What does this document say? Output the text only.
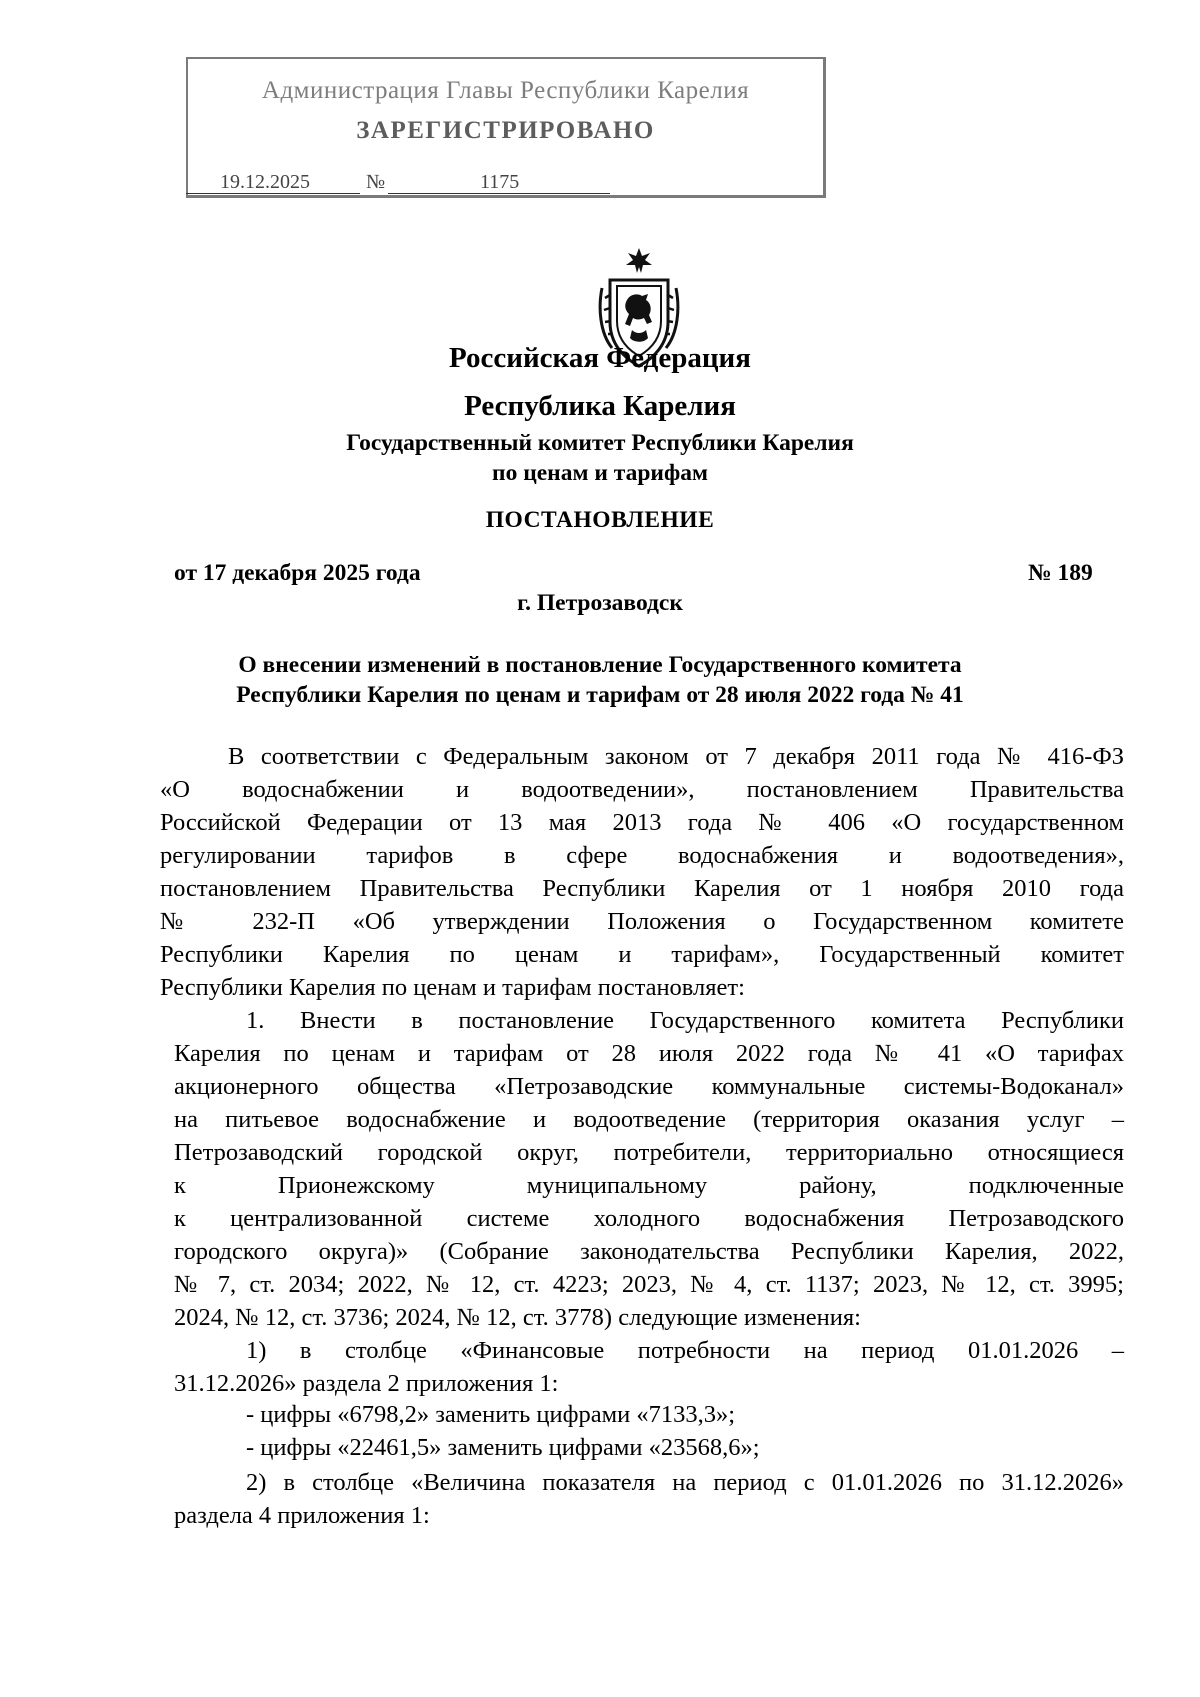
Администрация Главы Республики Карелия
ЗАРЕГИСТРИРОВАНО
19.12.2025	№	1175
Российская Федерация
Республика Карелия
Государственный комитет Республики Карелия
по ценам и тарифам
ПОСТАНОВЛЕНИЕ
от 17 декабря 2025 года	№ 189
г. Петрозаводск
О внесении изменений в постановление Государственного комитета
Республики Карелия по ценам и тарифам от 28 июля 2022 года № 41
В соответствии с Федеральным законом от 7 декабря 2011 года № 416-ФЗ
«О водоснабжении и водоотведении», постановлением Правительства
Российской Федерации от 13 мая 2013 года № 406 «О государственном
регулировании тарифов в сфере водоснабжения и водоотведения»,
постановлением Правительства Республики Карелия от 1 ноября 2010 года
№ 232-П «Об утверждении Положения о Государственном комитете
Республики Карелия по ценам и тарифам», Государственный комитет
Республики Карелия по ценам и тарифам постановляет:
1. Внести в постановление Государственного комитета Республики
Карелия по ценам и тарифам от 28 июля 2022 года № 41 «О тарифах
акционерного общества «Петрозаводские коммунальные системы-Водоканал»
на питьевое водоснабжение и водоотведение (территория оказания услуг –
Петрозаводский городской округ, потребители, территориально относящиеся
к Прионежскому муниципальному району, подключенные
к централизованной системе холодного водоснабжения Петрозаводского
городского округа)» (Собрание законодательства Республики Карелия, 2022,
№ 7, ст. 2034; 2022, № 12, ст. 4223; 2023, № 4, ст. 1137; 2023, № 12, ст. 3995;
2024, № 12, ст. 3736; 2024, № 12, ст. 3778) следующие изменения:
1) в столбце «Финансовые потребности на период 01.01.2026 –
31.12.2026» раздела 2 приложения 1:
- цифры «6798,2» заменить цифрами «7133,3»;
- цифры «22461,5» заменить цифрами «23568,6»;
2) в столбце «Величина показателя на период с 01.01.2026 по 31.12.2026»
раздела 4 приложения 1:
